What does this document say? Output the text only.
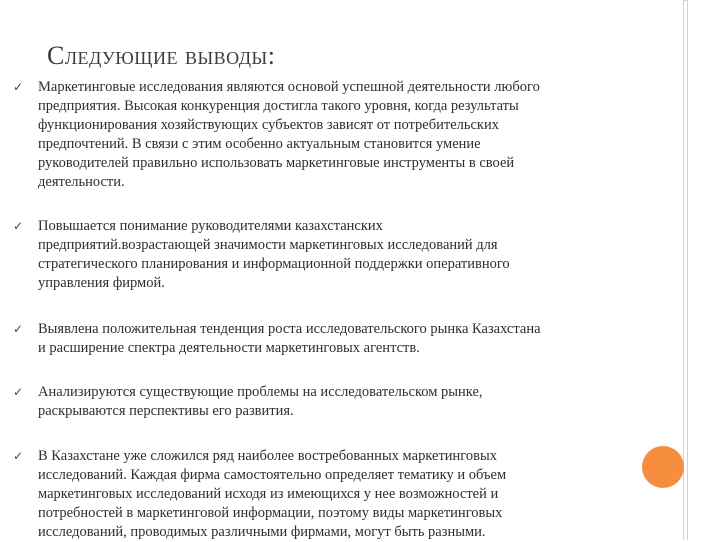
Следующие выводы:
✓ Маркетинговые исследования являются основой успешной деятельности любого
предприятия. Высокая конкуренция достигла такого уровня, когда результаты
функционирования хозяйствующих субъектов зависят от потребительских
предпочтений. В связи с этим особенно актуальным становится умение
руководителей правильно использовать маркетинговые инструменты в своей
деятельности.
✓ Повышается понимание руководителями казахстанских
предприятий.возрастающей значимости маркетинговых исследований для
стратегического планирования и информационной поддержки оперативного
управления фирмой.
✓ Выявлена положительная тенденция роста исследовательского рынка Казахстана
и расширение спектра деятельности маркетинговых агентств.
✓ Анализируются существующие проблемы на исследовательском рынке,
раскрываются перспективы его развития.
✓ В Казахстане уже сложился ряд наиболее востребованных маркетинговых
исследований. Каждая фирма самостоятельно определяет тематику и объем
маркетинговых исследований исходя из имеющихся у нее возможностей и
потребностей в маркетинговой информации, поэтому виды маркетинговых
исследований, проводимых различными фирмами, могут быть разными.
